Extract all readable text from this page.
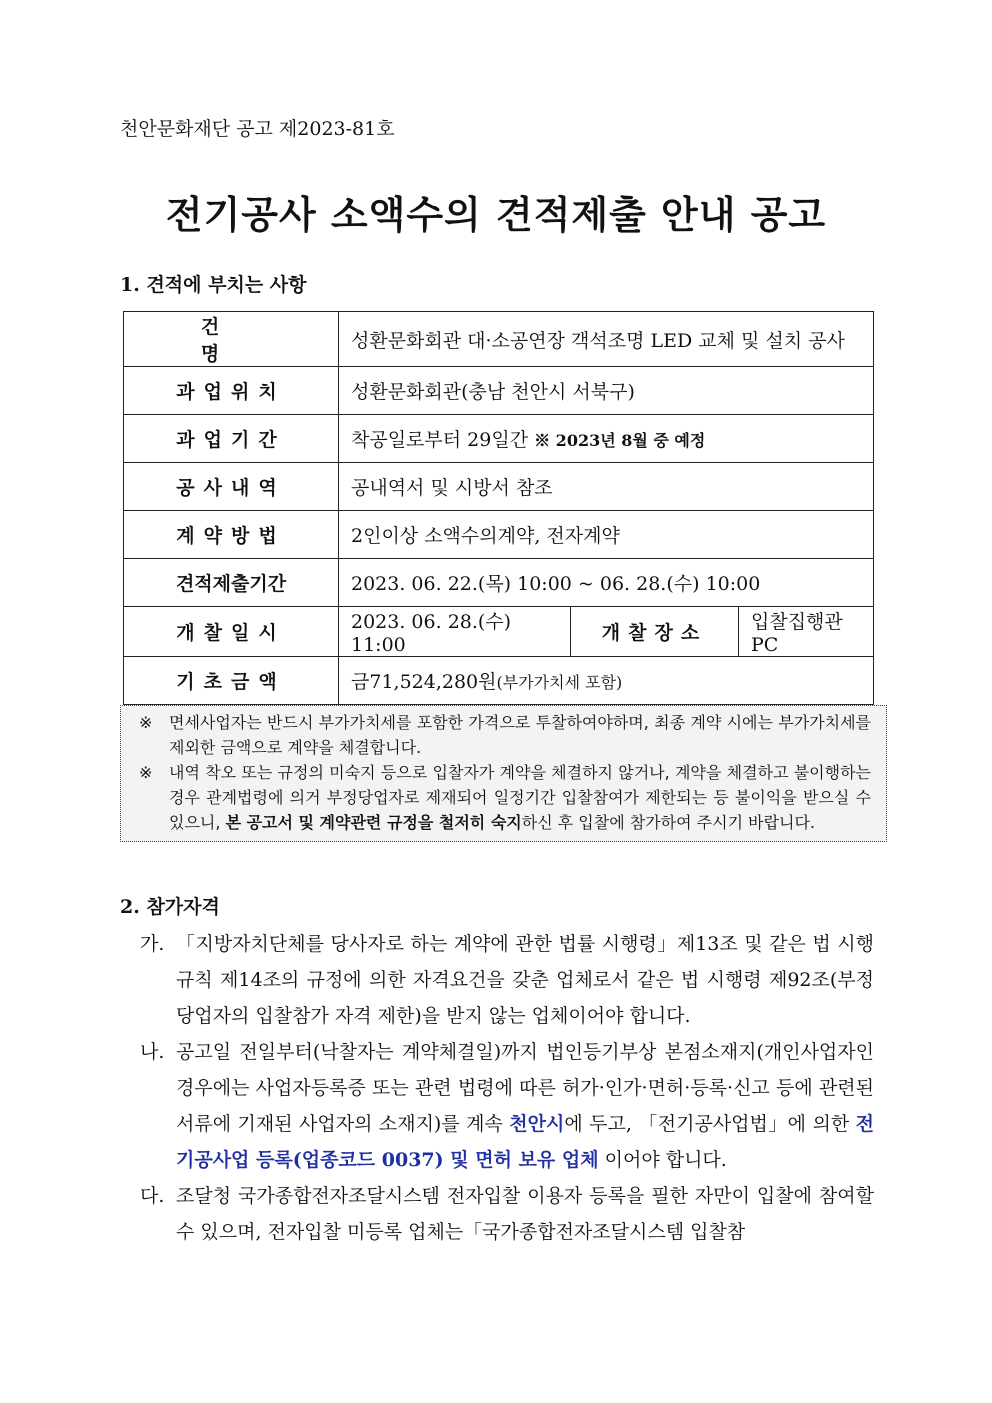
천안문화재단 공고 제2023-81호
전기공사 소액수의 견적제출 안내 공고
1. 견적에 부치는 사항
건 명	성환문화회관 대·소공연장 객석조명 LED 교체 및 설치 공사		
과업위치	성환문화회관(충남 천안시 서북구)		
과업기간	착공일로부터 29일간 ※ 2023년 8월 중 예정		
공사내역	공내역서 및 시방서 참조		
계약방법	2인이상 소액수의계약, 전자계약		
견적제출기간	2023. 06. 22.(목) 10:00 ~ 06. 28.(수) 10:00		
개찰일시	2023. 06. 28.(수) 11:00	개찰장소	입찰집행관 PC
기초금액	금71,524,280원(부가가치세 포함)		
※	면세사업자는 반드시 부가가치세를 포함한 가격으로 투찰하여야하며, 최종 계약 시에는 부가가치세를 제외한 금액으로 계약을 체결합니다.
※	내역 착오 또는 규정의 미숙지 등으로 입찰자가 계약을 체결하지 않거나, 계약을 체결하고 불이행하는 경우 관계법령에 의거 부정당업자로 제재되어 일정기간 입찰참여가 제한되는 등 불이익을 받으실 수 있으니, 본 공고서 및 계약관련 규정을 철저히 숙지하신 후 입찰에 참가하여 주시기 바랍니다.
2. 참가자격
가. 「지방자치단체를 당사자로 하는 계약에 관한 법률 시행령」제13조 및 같은 법 시행규칙 제14조의 규정에 의한 자격요건을 갖춘 업체로서 같은 법 시행령 제92조(부정당업자의 입찰참가 자격 제한)을 받지 않는 업체이어야 합니다.
나. 공고일 전일부터(낙찰자는 계약체결일)까지 법인등기부상 본점소재지(개인사업자인 경우에는 사업자등록증 또는 관련 법령에 따른 허가·인가·면허·등록·신고 등에 관련된 서류에 기재된 사업자의 소재지)를 계속 천안시에 두고, 「전기공사업법」에 의한 전기공사업 등록(업종코드 0037) 및 면허 보유 업체 이어야 합니다.
다. 조달청 국가종합전자조달시스템 전자입찰 이용자 등록을 필한 자만이 입찰에 참여할 수 있으며, 전자입찰 미등록 업체는「국가종합전자조달시스템 입찰참
